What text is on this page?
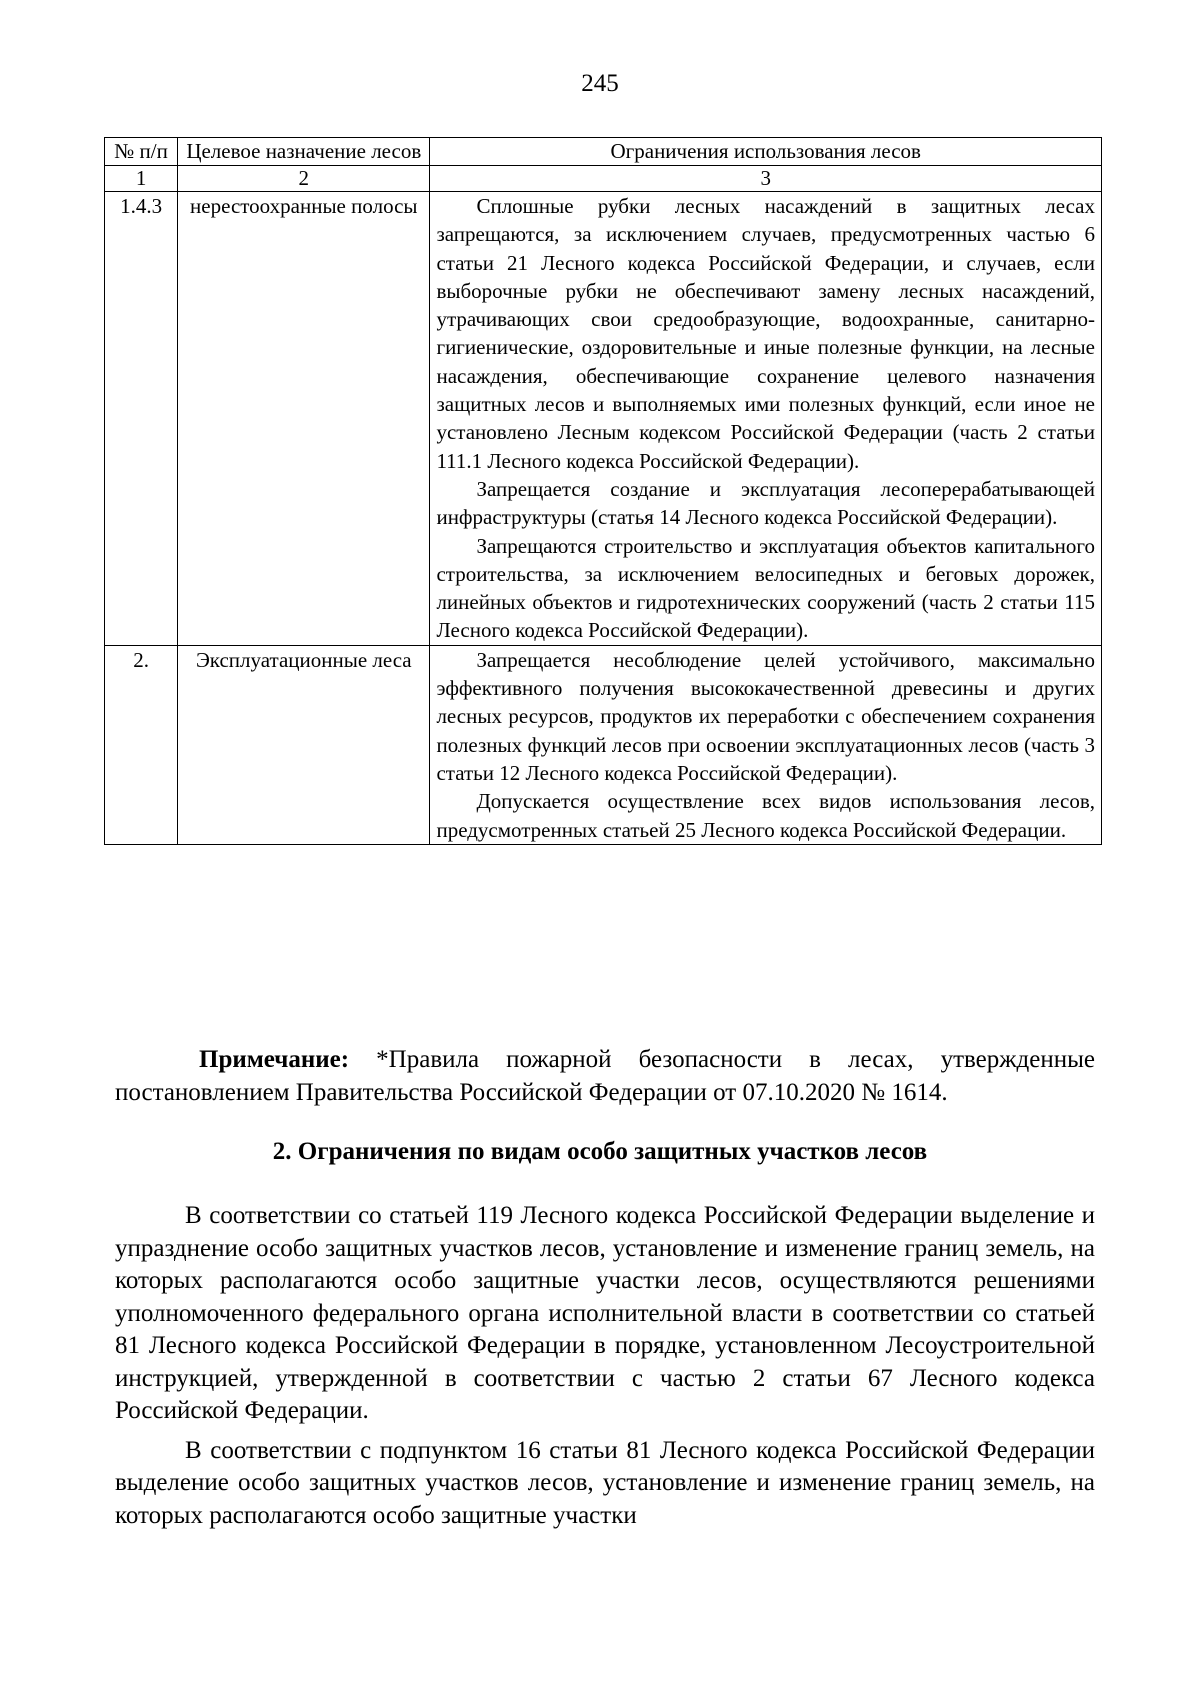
245
№ п/п	Целевое назначение лесов	Ограничения использования лесов
1	2	3
1.4.3	нерестоохранные полосы	Сплошные рубки лесных насаждений в защитных лесах запрещаются, за исключением случаев, предусмотренных частью 6 статьи 21 Лесного кодекса Российской Федерации, и случаев, если выборочные рубки не обеспечивают замену лесных насаждений, утрачивающих свои средообразующие, водоохранные, санитарно-гигиенические, оздоровительные и иные полезные функции, на лесные насаждения, обеспечивающие сохранение целевого назначения защитных лесов и выполняемых ими полезных функций, если иное не установлено Лесным кодексом Российской Федерации (часть 2 статьи 111.1 Лесного кодекса Российской Федерации).

Запрещается создание и эксплуатация лесоперерабатывающей инфраструктуры (статья 14 Лесного кодекса Российской Федерации).

Запрещаются строительство и эксплуатация объектов капитального строительства, за исключением велосипедных и беговых дорожек, линейных объектов и гидротехнических сооружений (часть 2 статьи 115 Лесного кодекса Российской Федерации).

2.	Эксплуатационные леса	Запрещается несоблюдение целей устойчивого, максимально эффективного получения высококачественной древесины и других лесных ресурсов, продуктов их переработки с обеспечением сохранения полезных функций лесов при освоении эксплуатационных лесов (часть 3 статьи 12 Лесного кодекса Российской Федерации).

Допускается осуществление всех видов использования лесов, предусмотренных статьей 25 Лесного кодекса Российской Федерации.

Примечание: *Правила пожарной безопасности в лесах, утвержденные постановлением Правительства Российской Федерации от 07.10.2020 № 1614.
2. Ограничения по видам особо защитных участков лесов

В соответствии со статьей 119 Лесного кодекса Российской Федерации выделение и упразднение особо защитных участков лесов, установление и изменение границ земель, на которых располагаются особо защитные участки лесов, осуществляются решениями уполномоченного федерального органа исполнительной власти в соответствии со статьей 81 Лесного кодекса Российской Федерации в порядке, установленном Лесоустроительной инструкцией, утвержденной в соответствии с частью 2 статьи 67 Лесного кодекса Российской Федерации.

В соответствии с подпунктом 16 статьи 81 Лесного кодекса Российской Федерации выделение особо защитных участков лесов, установление и изменение границ земель, на которых располагаются особо защитные участки
